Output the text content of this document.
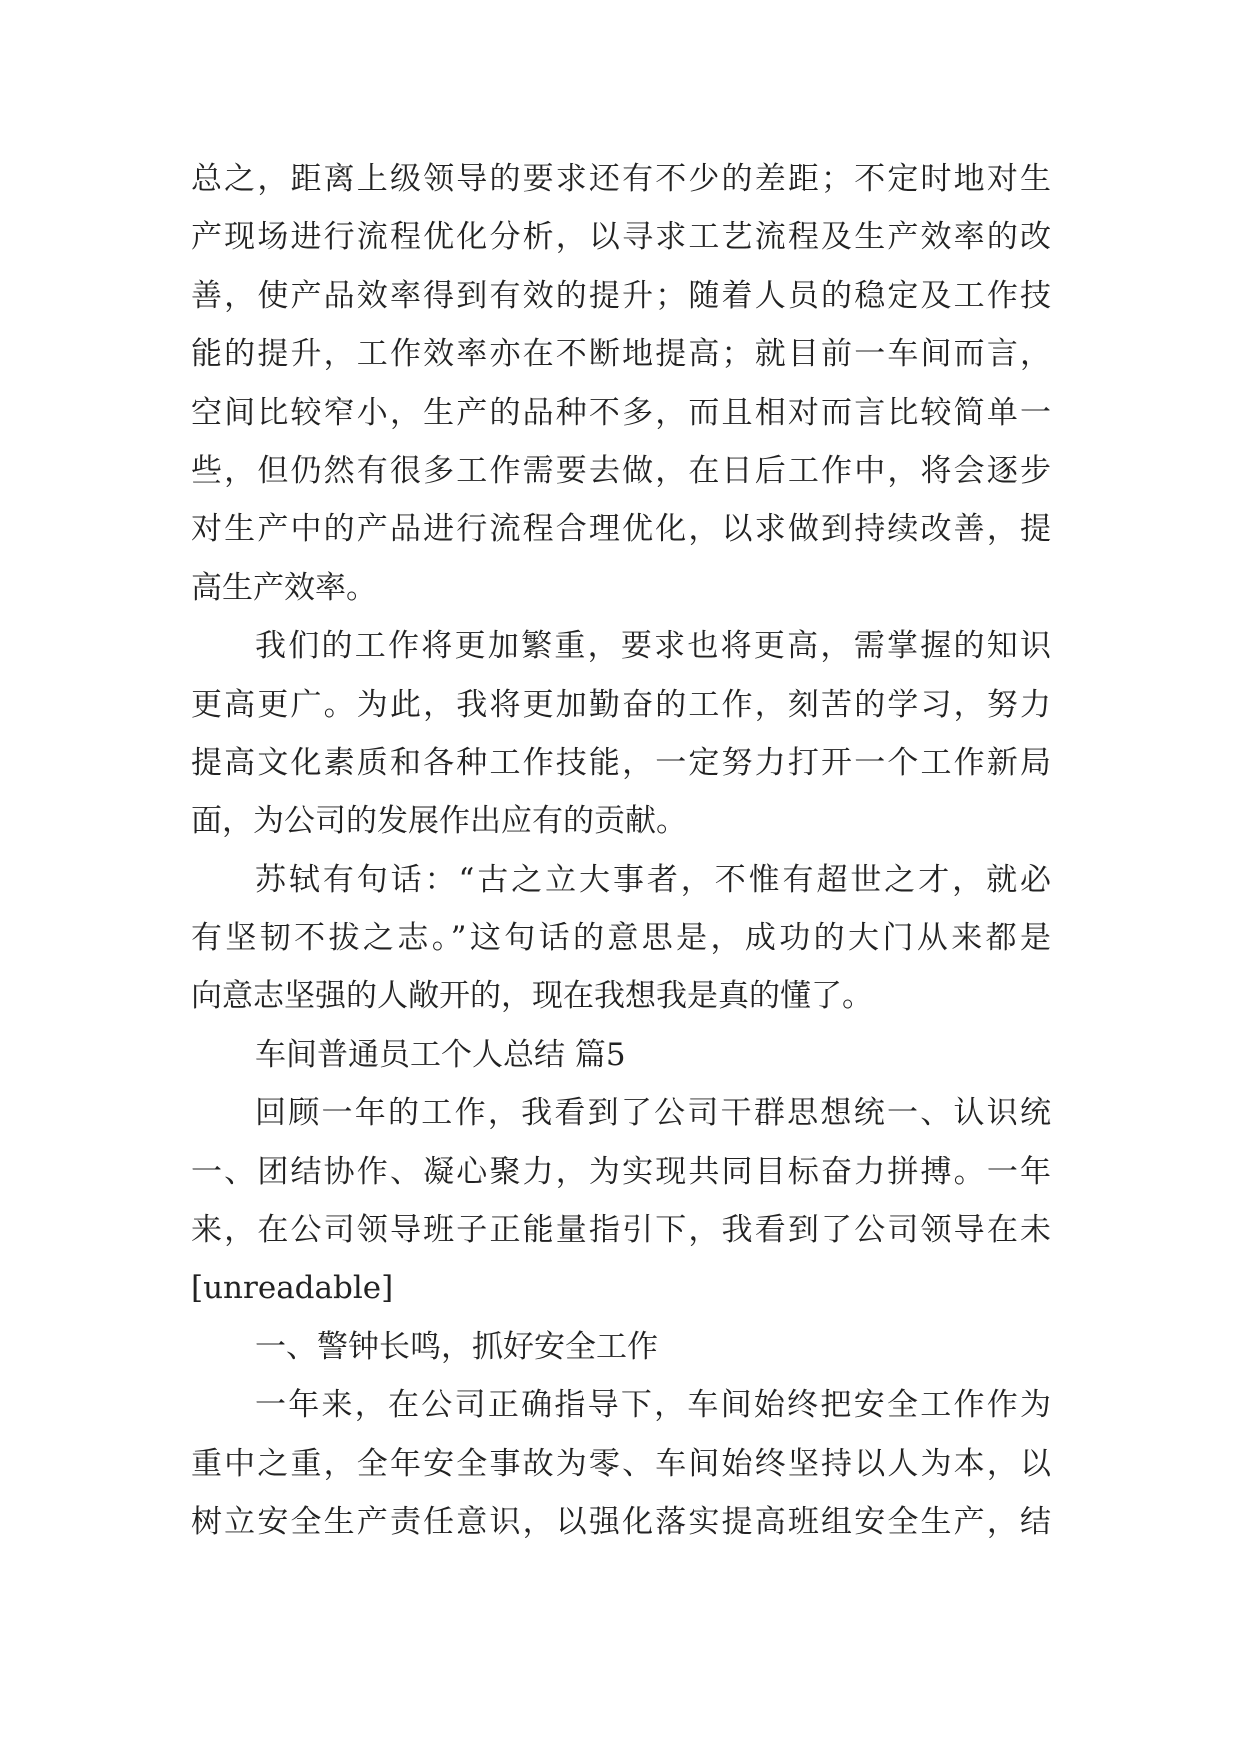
总之，距离上级领导的要求还有不少的差距；不定时地对生
产现场进行流程优化分析，以寻求工艺流程及生产效率的改
善，使产品效率得到有效的提升；随着人员的稳定及工作技
能的提升，工作效率亦在不断地提高；就目前一车间而言，
空间比较窄小，生产的品种不多，而且相对而言比较简单一
些，但仍然有很多工作需要去做，在日后工作中，将会逐步
对生产中的产品进行流程合理优化，以求做到持续改善，提
高生产效率。
我们的工作将更加繁重，要求也将更高，需掌握的知识
更高更广。为此，我将更加勤奋的工作，刻苦的学习，努力
提高文化素质和各种工作技能，一定努力打开一个工作新局
面，为公司的发展作出应有的贡献。
苏轼有句话：“古之立大事者，不惟有超世之才，就必
有坚韧不拔之志。”这句话的意思是，成功的大门从来都是
向意志坚强的人敞开的，现在我想我是真的懂了。
车间普通员工个人总结 篇5
回顾一年的工作，我看到了公司干群思想统一、认识统
一、团结协作、凝心聚力，为实现共同目标奋力拼搏。一年
来，在公司领导班子正能量指引下，我看到了公司领导在未
[unreadable]
一、警钟长鸣，抓好安全工作
一年来，在公司正确指导下，车间始终把安全工作作为
重中之重，全年安全事故为零、车间始终坚持以人为本，以
树立安全生产责任意识，以强化落实提高班组安全生产，结
